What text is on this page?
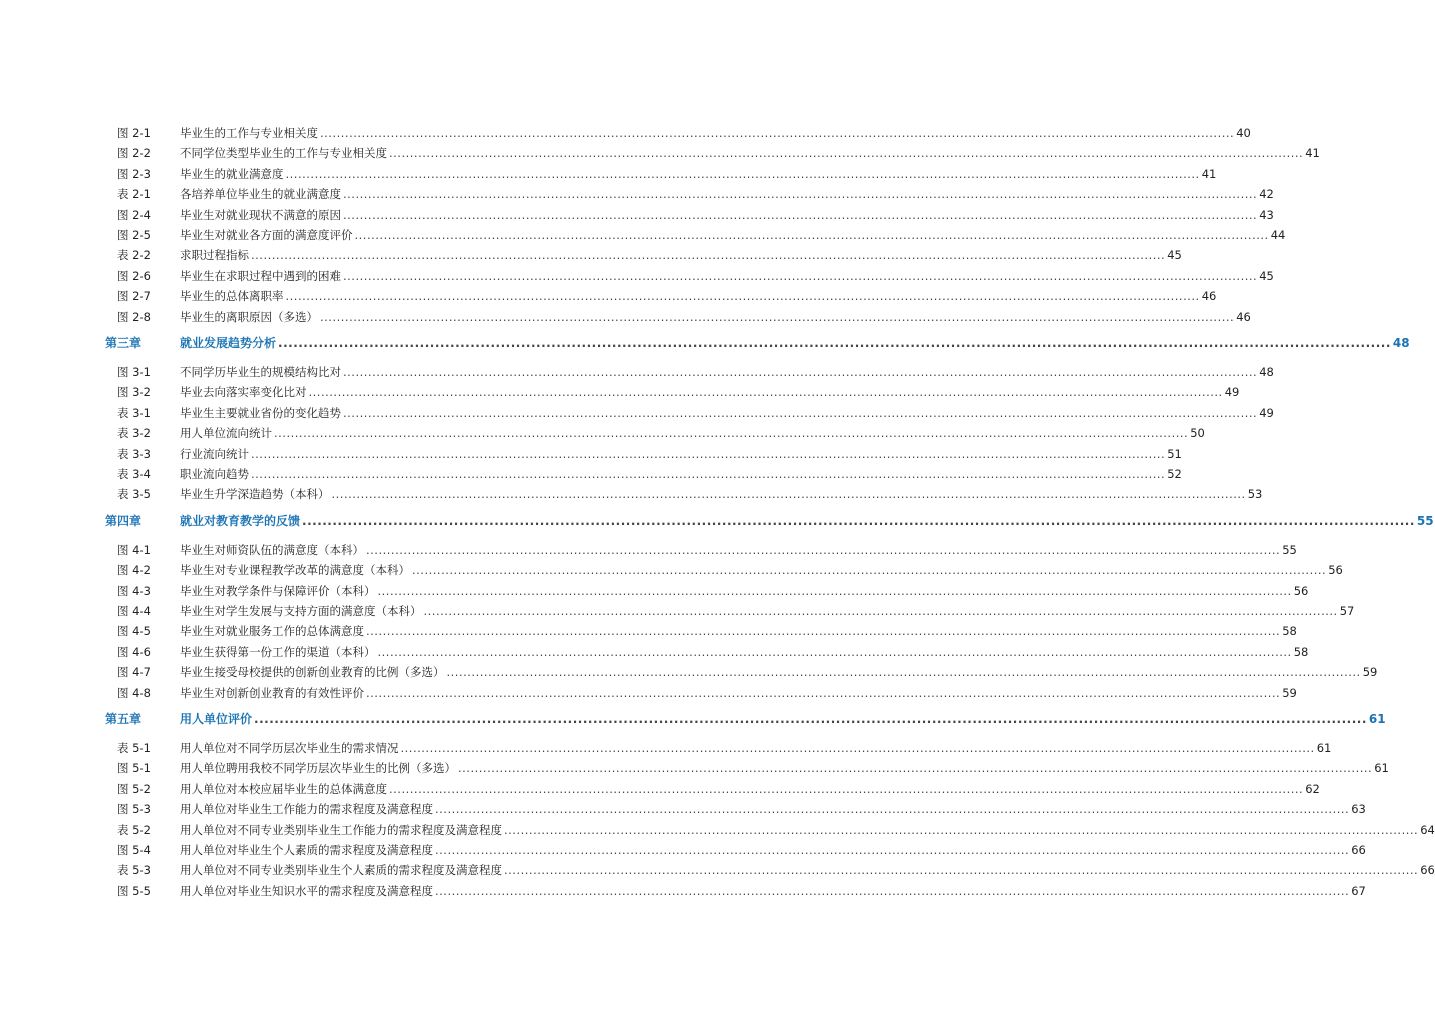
图 2-1	毕业生的工作与专业相关度 ............................................................................................................................................................................................................................ 40
图 2-2	不同学位类型毕业生的工作与专业相关度 ............................................................................................................................................................................................................................ 41
图 2-3	毕业生的就业满意度 ............................................................................................................................................................................................................................ 41
表 2-1	各培养单位毕业生的就业满意度 ............................................................................................................................................................................................................................ 42
图 2-4	毕业生对就业现状不满意的原因 ............................................................................................................................................................................................................................ 43
图 2-5	毕业生对就业各方面的满意度评价 ............................................................................................................................................................................................................................ 44
表 2-2	求职过程指标 ............................................................................................................................................................................................................................ 45
图 2-6	毕业生在求职过程中遇到的困难 ............................................................................................................................................................................................................................ 45
图 2-7	毕业生的总体离职率 ............................................................................................................................................................................................................................ 46
图 2-8	毕业生的离职原因（多选） ............................................................................................................................................................................................................................ 46
第三章	就业发展趋势分析 ............................................................................................................................................................................................................................ 48
图 3-1	不同学历毕业生的规模结构比对 ............................................................................................................................................................................................................................ 48
图 3-2	毕业去向落实率变化比对 ............................................................................................................................................................................................................................ 49
表 3-1	毕业生主要就业省份的变化趋势 ............................................................................................................................................................................................................................ 49
表 3-2	用人单位流向统计 ............................................................................................................................................................................................................................ 50
表 3-3	行业流向统计 ............................................................................................................................................................................................................................ 51
表 3-4	职业流向趋势 ............................................................................................................................................................................................................................ 52
表 3-5	毕业生升学深造趋势（本科） ............................................................................................................................................................................................................................ 53
第四章	就业对教育教学的反馈 ............................................................................................................................................................................................................................ 55
图 4-1	毕业生对师资队伍的满意度（本科） ............................................................................................................................................................................................................................ 55
图 4-2	毕业生对专业课程教学改革的满意度（本科） ............................................................................................................................................................................................................................ 56
图 4-3	毕业生对教学条件与保障评价（本科） ............................................................................................................................................................................................................................ 56
图 4-4	毕业生对学生发展与支持方面的满意度（本科） ............................................................................................................................................................................................................................ 57
图 4-5	毕业生对就业服务工作的总体满意度 ............................................................................................................................................................................................................................ 58
图 4-6	毕业生获得第一份工作的渠道（本科） ............................................................................................................................................................................................................................ 58
图 4-7	毕业生接受母校提供的创新创业教育的比例（多选） ............................................................................................................................................................................................................................ 59
图 4-8	毕业生对创新创业教育的有效性评价 ............................................................................................................................................................................................................................ 59
第五章	用人单位评价 ............................................................................................................................................................................................................................ 61
表 5-1	用人单位对不同学历层次毕业生的需求情况 ............................................................................................................................................................................................................................ 61
图 5-1	用人单位聘用我校不同学历层次毕业生的比例（多选） ............................................................................................................................................................................................................................ 61
图 5-2	用人单位对本校应届毕业生的总体满意度 ............................................................................................................................................................................................................................ 62
图 5-3	用人单位对毕业生工作能力的需求程度及满意程度 ............................................................................................................................................................................................................................ 63
表 5-2	用人单位对不同专业类别毕业生工作能力的需求程度及满意程度 ............................................................................................................................................................................................................................ 64
图 5-4	用人单位对毕业生个人素质的需求程度及满意程度 ............................................................................................................................................................................................................................ 66
表 5-3	用人单位对不同专业类别毕业生个人素质的需求程度及满意程度 ............................................................................................................................................................................................................................ 66
图 5-5	用人单位对毕业生知识水平的需求程度及满意程度 ............................................................................................................................................................................................................................ 67
